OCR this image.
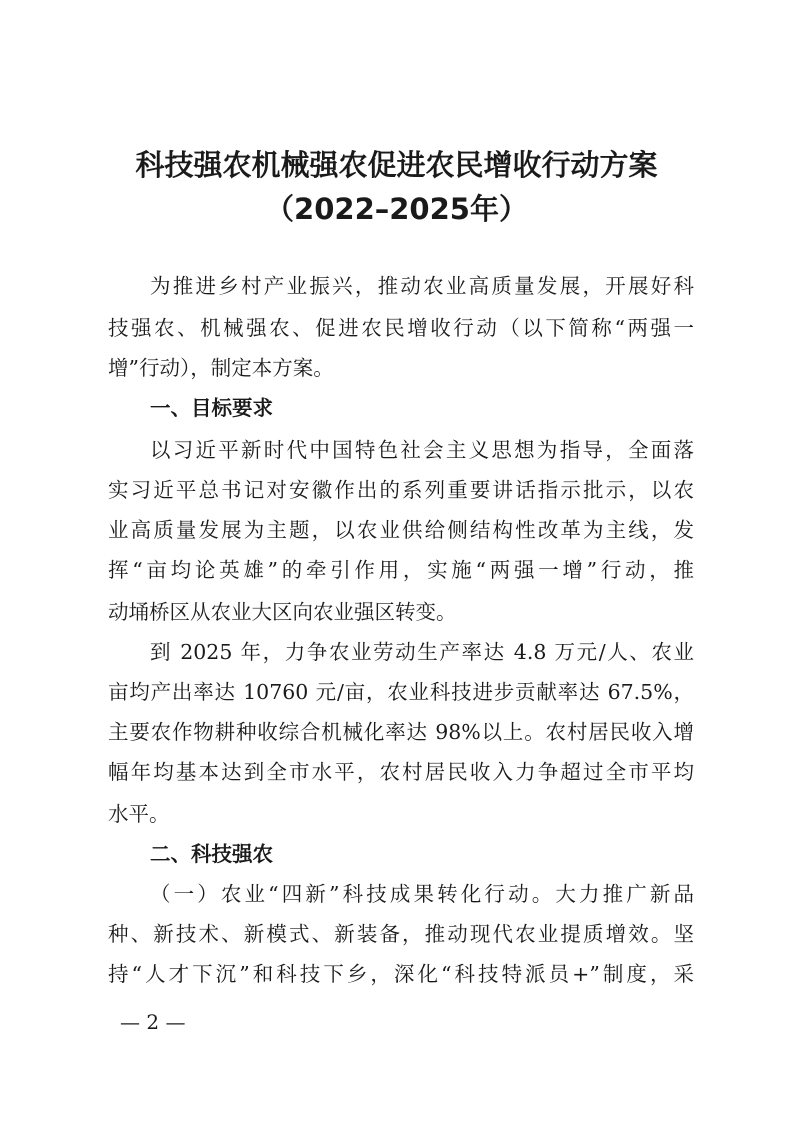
科技强农机械强农促进农民增收行动方案
（2022–2025年）
为推进乡村产业振兴，推动农业高质量发展，开展好科
技强农、机械强农、促进农民增收行动（以下简称“两强一
增”行动），制定本方案。
一、目标要求
以习近平新时代中国特色社会主义思想为指导，全面落
实习近平总书记对安徽作出的系列重要讲话指示批示，以农
业高质量发展为主题，以农业供给侧结构性改革为主线，发
挥“亩均论英雄”的牵引作用，实施“两强一增”行动，推
动埇桥区从农业大区向农业强区转变。
到 2025 年，力争农业劳动生产率达 4.8 万元/人、农业
亩均产出率达 10760 元/亩，农业科技进步贡献率达 67.5%，
主要农作物耕种收综合机械化率达 98%以上。农村居民收入增
幅年均基本达到全市水平，农村居民收入力争超过全市平均
水平。
二、科技强农
（一）农业“四新”科技成果转化行动。大力推广新品
种、新技术、新模式、新装备，推动现代农业提质增效。坚
持“人才下沉”和科技下乡，深化“科技特派员+”制度，采
— 2 —
